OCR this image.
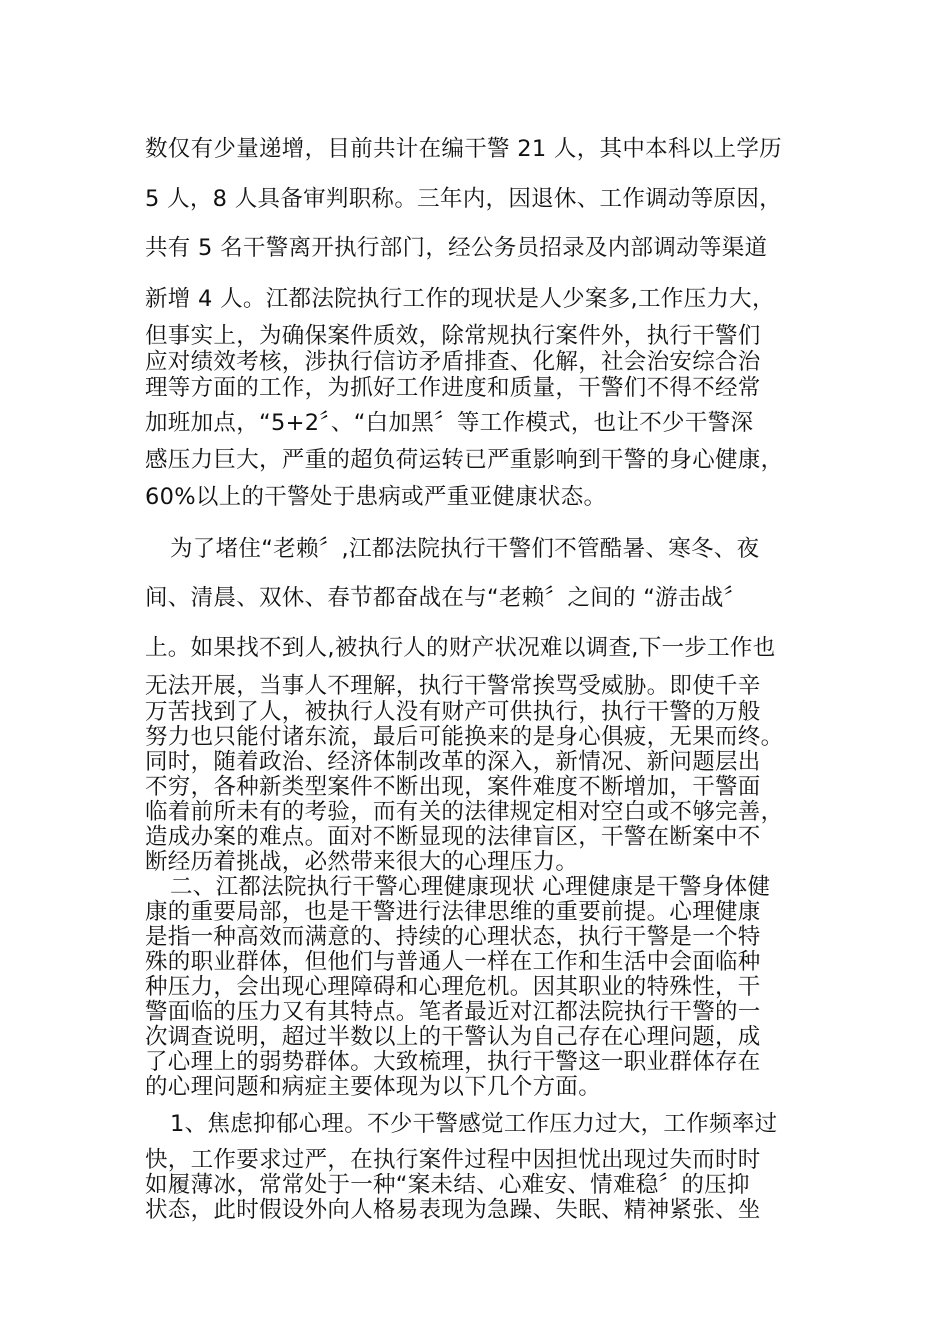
数仅有少量递增，目前共计在编干警 21 人，其中本科以上学历

5 人，8 人具备审判职称。三年内，因退休、工作调动等原因，

共有 5 名干警离开执行部门，经公务员招录及内部调动等渠道

新增 4 人。江都法院执行工作的现状是人少案多,工作压力大，

但事实上，为确保案件质效，除常规执行案件外，执行干警们

应对绩效考核，涉执行信访矛盾排查、化解，社会治安综合治

理等方面的工作，为抓好工作进度和质量，干警们不得不经常

加班加点，“5+2〞、“白加黑〞等工作模式，也让不少干警深

感压力巨大，严重的超负荷运转已严重影响到干警的身心健康，

60%以上的干警处于患病或严重亚健康状态。

为了堵住“老赖〞,江都法院执行干警们不管酷暑、寒冬、夜

间、清晨、双休、春节都奋战在与“老赖〞之间的 “游击战〞

上。如果找不到人,被执行人的财产状况难以调查,下一步工作也

无法开展，当事人不理解，执行干警常挨骂受威胁。即使千辛

万苦找到了人，被执行人没有财产可供执行，执行干警的万般

努力也只能付诸东流，最后可能换来的是身心俱疲，无果而终。

同时，随着政治、经济体制改革的深入，新情况、新问题层出

不穷，各种新类型案件不断出现，案件难度不断增加，干警面

临着前所未有的考验，而有关的法律规定相对空白或不够完善，

造成办案的难点。面对不断显现的法律盲区，干警在断案中不

断经历着挑战，必然带来很大的心理压力。

二、江都法院执行干警心理健康现状 心理健康是干警身体健

康的重要局部，也是干警进行法律思维的重要前提。心理健康

是指一种高效而满意的、持续的心理状态，执行干警是一个特

殊的职业群体，但他们与普通人一样在工作和生活中会面临种

种压力，会出现心理障碍和心理危机。因其职业的特殊性，干

警面临的压力又有其特点。笔者最近对江都法院执行干警的一

次调查说明，超过半数以上的干警认为自己存在心理问题，成

了心理上的弱势群体。大致梳理，执行干警这一职业群体存在

的心理问题和病症主要体现为以下几个方面。

1、焦虑抑郁心理。不少干警感觉工作压力过大，工作频率过

快，工作要求过严，在执行案件过程中因担忧出现过失而时时

如履薄冰，常常处于一种“案未结、心难安、情难稳〞的压抑

状态，此时假设外向人格易表现为急躁、失眠、精神紧张、坐
